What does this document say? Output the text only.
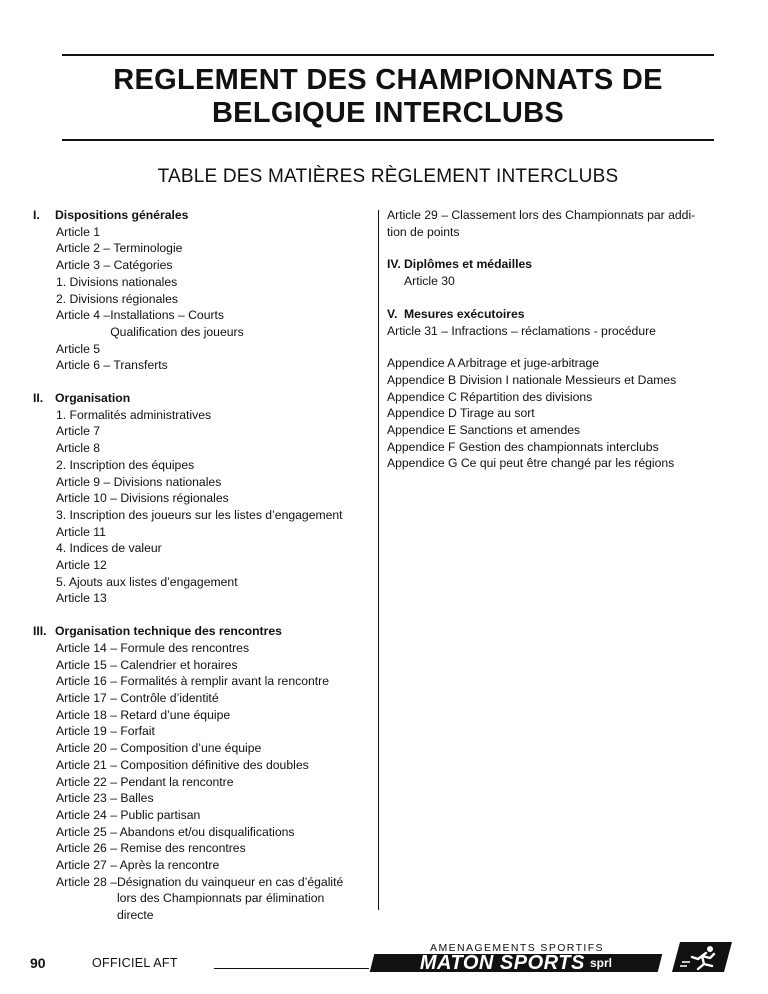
REGLEMENT DES CHAMPIONNATS DE
BELGIQUE INTERCLUBS
TABLE DES MATIÈRES RÈGLEMENT INTERCLUBS
I.	Dispositions générales
Article 1
Article 2 – Terminologie
Article 3 – Catégories
1. Divisions nationales
2. Divisions régionales
Article 4 – Installations – Courts
Qualification des joueurs
Article 5
Article 6 – Transferts
II. Organisation
1. Formalités administratives
Article 7
Article 8
2. Inscription des équipes
Article 9 – Divisions nationales
Article 10 – Divisions régionales
3. Inscription des joueurs sur les listes d’engagement
Article 11
4. Indices de valeur
Article 12
5. Ajouts aux listes d’engagement
Article 13
III. Organisation technique des rencontres
Article 14 – Formule des rencontres
Article 15 – Calendrier et horaires
Article 16 – Formalités à remplir avant la rencontre
Article 17 – Contrôle d’identité
Article 18 – Retard d’une équipe
Article 19 – Forfait
Article 20 – Composition d’une équipe
Article 21 – Composition définitive des doubles
Article 22 – Pendant la rencontre
Article 23 – Balles
Article 24 – Public partisan
Article 25 – Abandons et/ou disqualifications
Article 26 – Remise des rencontres
Article 27 – Après la rencontre
Article 28 – Désignation du vainqueur en cas d’égalité
lors des Championnats par élimination
directe
Article 29 – Classement lors des Championnats par addi-
tion de points
IV. Diplômes et médailles
Article 30
V. Mesures exécutoires
Article 31 – Infractions – réclamations - procédure
Appendice A Arbitrage et juge-arbitrage
Appendice B Division I nationale Messieurs et Dames
Appendice C Répartition des divisions
Appendice D Tirage au sort
Appendice E Sanctions et amendes
Appendice F Gestion des championnats interclubs
Appendice G Ce qui peut être changé par les régions
90	OFFICIEL AFT
AMENAGEMENTS SPORTIFS
MATON SPORTS sprl
